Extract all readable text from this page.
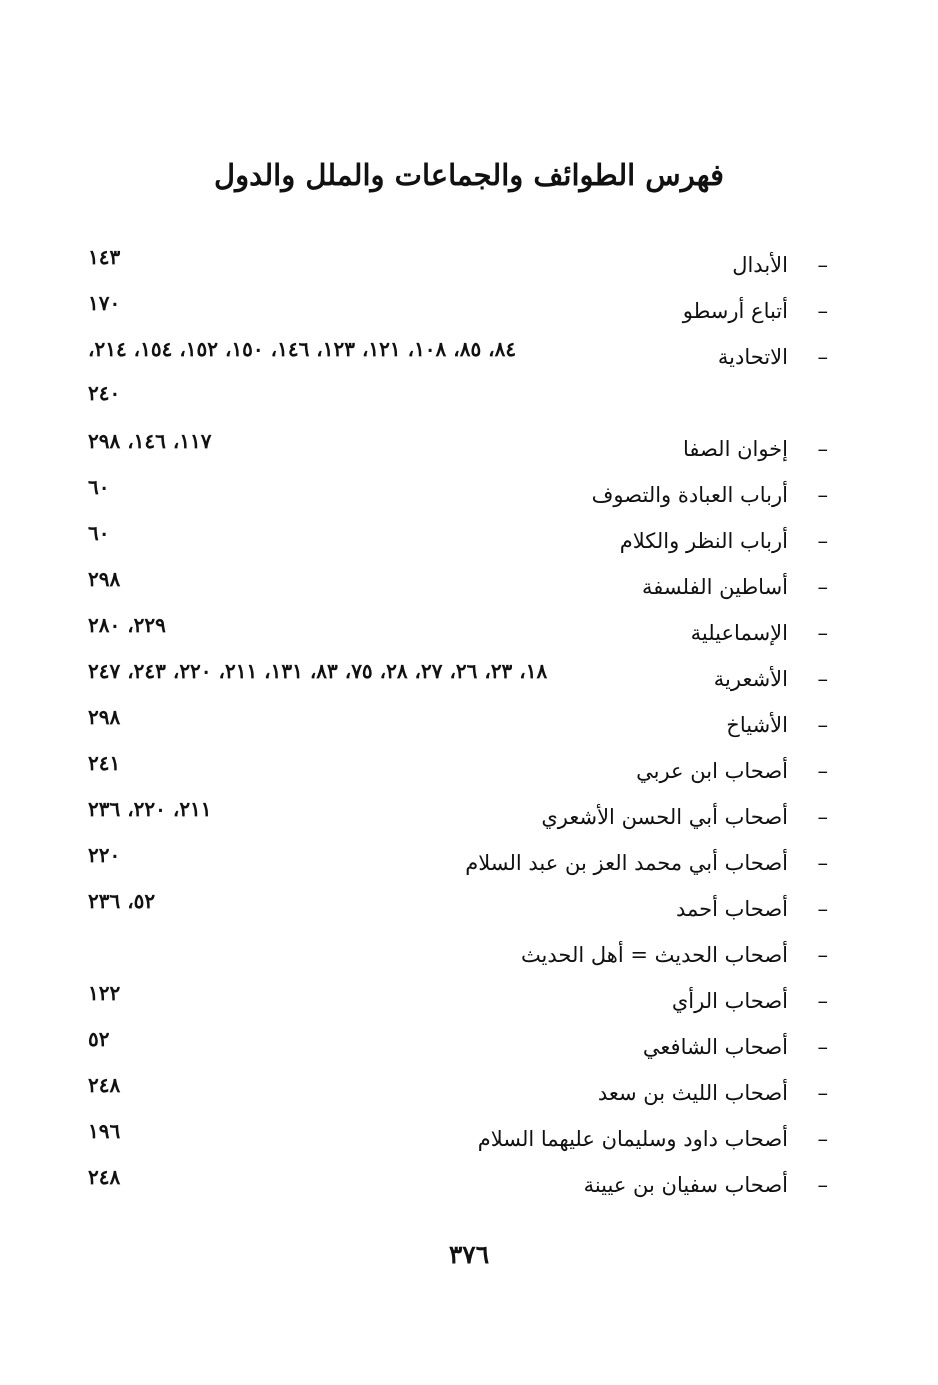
فهرس الطوائف والجماعات والملل والدول
–
الأبدال
١٤٣
–
أتباع أرسطو
١٧٠
–
الاتحادية
٨٤، ٨٥، ١٠٨، ١٢١، ١٢٣، ١٤٦، ١٥٠، ١٥٢، ١٥٤، ٢١٤،
٢٤٠
–
إخوان الصفا
١١٧، ١٤٦، ٢٩٨
–
أرباب العبادة والتصوف
٦٠
–
أرباب النظر والكلام
٦٠
–
أساطين الفلسفة
٢٩٨
–
الإسماعيلية
٢٢٩، ٢٨٠
–
الأشعرية
١٨، ٢٣، ٢٦، ٢٧، ٢٨، ٧٥، ٨٣، ١٣١، ٢١١، ٢٢٠، ٢٤٣، ٢٤٧
–
الأشياخ
٢٩٨
–
أصحاب ابن عربي
٢٤١
–
أصحاب أبي الحسن الأشعري
٢١١، ٢٢٠، ٢٣٦
–
أصحاب أبي محمد العز بن عبد السلام
٢٢٠
–
أصحاب أحمد
٥٢، ٢٣٦
–
أصحاب الحديث = أهل الحديث
–
أصحاب الرأي
١٢٢
–
أصحاب الشافعي
٥٢
–
أصحاب الليث بن سعد
٢٤٨
–
أصحاب داود وسليمان عليهما السلام
١٩٦
–
أصحاب سفيان بن عيينة
٢٤٨
٣٧٦
